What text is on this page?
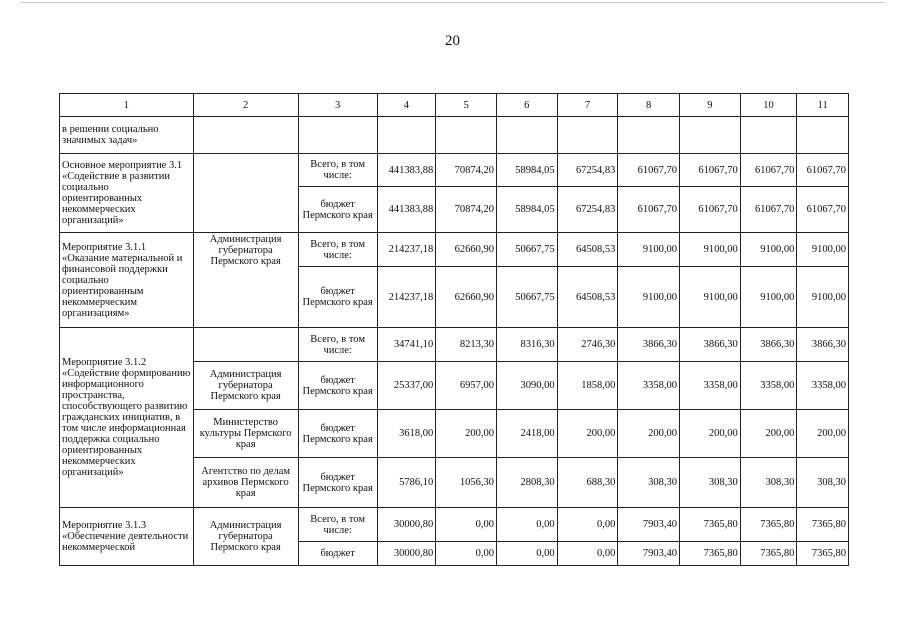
20
1	2	3	4	5	6	7	8	9	10	11
в решении социально значимых задач»										
Основное мероприятие 3.1 «Содействие в развитии социально ориентированных некоммерческих организаций»		Всего, в том числе:	441383,88	70874,20	58984,05	67254,83	61067,70	61067,70	61067,70	61067,70
		бюджет Пермского края	441383,88	70874,20	58984,05	67254,83	61067,70	61067,70	61067,70	61067,70
Мероприятие 3.1.1 «Оказание материальной и финансовой поддержки социально ориентированным некоммерческим организациям»	Администрация губернатора Пермского края	Всего, в том числе:	214237,18	62660,90	50667,75	64508,53	9100,00	9100,00	9100,00	9100,00
		бюджет Пермского края	214237,18	62660,90	50667,75	64508,53	9100,00	9100,00	9100,00	9100,00
Мероприятие 3.1.2 «Содействие формированию информационного пространства, способствующего развитию гражданских инициатив, в том числе информационная поддержка социально ориентированных некоммерческих организаций»		Всего, в том числе:	34741,10	8213,30	8316,30	2746,30	3866,30	3866,30	3866,30	3866,30
	Администрация губернатора Пермского края	бюджет Пермского края	25337,00	6957,00	3090,00	1858,00	3358,00	3358,00	3358,00	3358,00
	Министерство культуры Пермского края	бюджет Пермского края	3618,00	200,00	2418,00	200,00	200,00	200,00	200,00	200,00
	Агентство по делам архивов Пермского края	бюджет Пермского края	5786,10	1056,30	2808,30	688,30	308,30	308,30	308,30	308,30
Мероприятие 3.1.3 «Обеспечение деятельности некоммерческой	Администрация губернатора Пермского края	Всего, в том числе:	30000,80	0,00	0,00	0,00	7903,40	7365,80	7365,80	7365,80
		бюджет	30000,80	0,00	0,00	0,00	7903,40	7365,80	7365,80	7365,80
